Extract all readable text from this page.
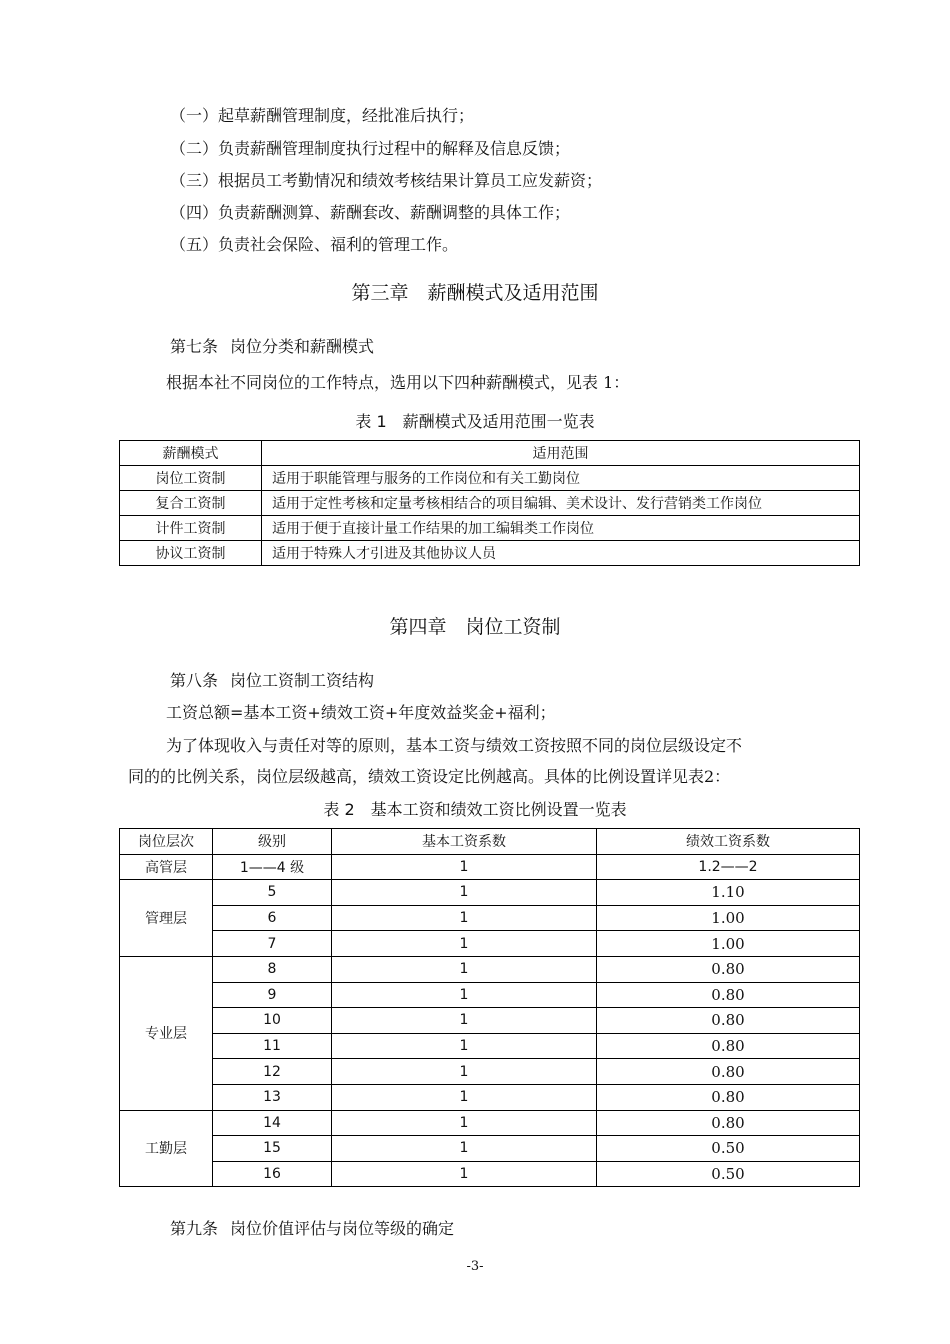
（一）起草薪酬管理制度，经批准后执行；
（二）负责薪酬管理制度执行过程中的解释及信息反馈；
（三）根据员工考勤情况和绩效考核结果计算员工应发薪资；
（四）负责薪酬测算、薪酬套改、薪酬调整的具体工作；
（五）负责社会保险、福利的管理工作。
第三章　薪酬模式及适用范围
第七条 岗位分类和薪酬模式
根据本社不同岗位的工作特点，选用以下四种薪酬模式，见表 1：
表 1　薪酬模式及适用范围一览表
薪酬模式	适用范围
岗位工资制	适用于职能管理与服务的工作岗位和有关工勤岗位
复合工资制	适用于定性考核和定量考核相结合的项目编辑、美术设计、发行营销类工作岗位
计件工资制	适用于便于直接计量工作结果的加工编辑类工作岗位
协议工资制	适用于特殊人才引进及其他协议人员
第四章　岗位工资制
第八条 岗位工资制工资结构
工资总额=基本工资+绩效工资+年度效益奖金+福利；
为了体现收入与责任对等的原则，基本工资与绩效工资按照不同的岗位层级设定不
同的的比例关系，岗位层级越高，绩效工资设定比例越高。具体的比例设置详见表2：
表 2　基本工资和绩效工资比例设置一览表
岗位层次	级别	基本工资系数	绩效工资系数
高管层	1——4 级	1	1.2——2
管理层	5	1	1.10
	6	1	1.00
	7	1	1.00
专业层	8	1	0.80
	9	1	0.80
	10	1	0.80
	11	1	0.80
	12	1	0.80
	13	1	0.80
工勤层	14	1	0.80
	15	1	0.50
	16	1	0.50
第九条 岗位价值评估与岗位等级的确定
-3-
